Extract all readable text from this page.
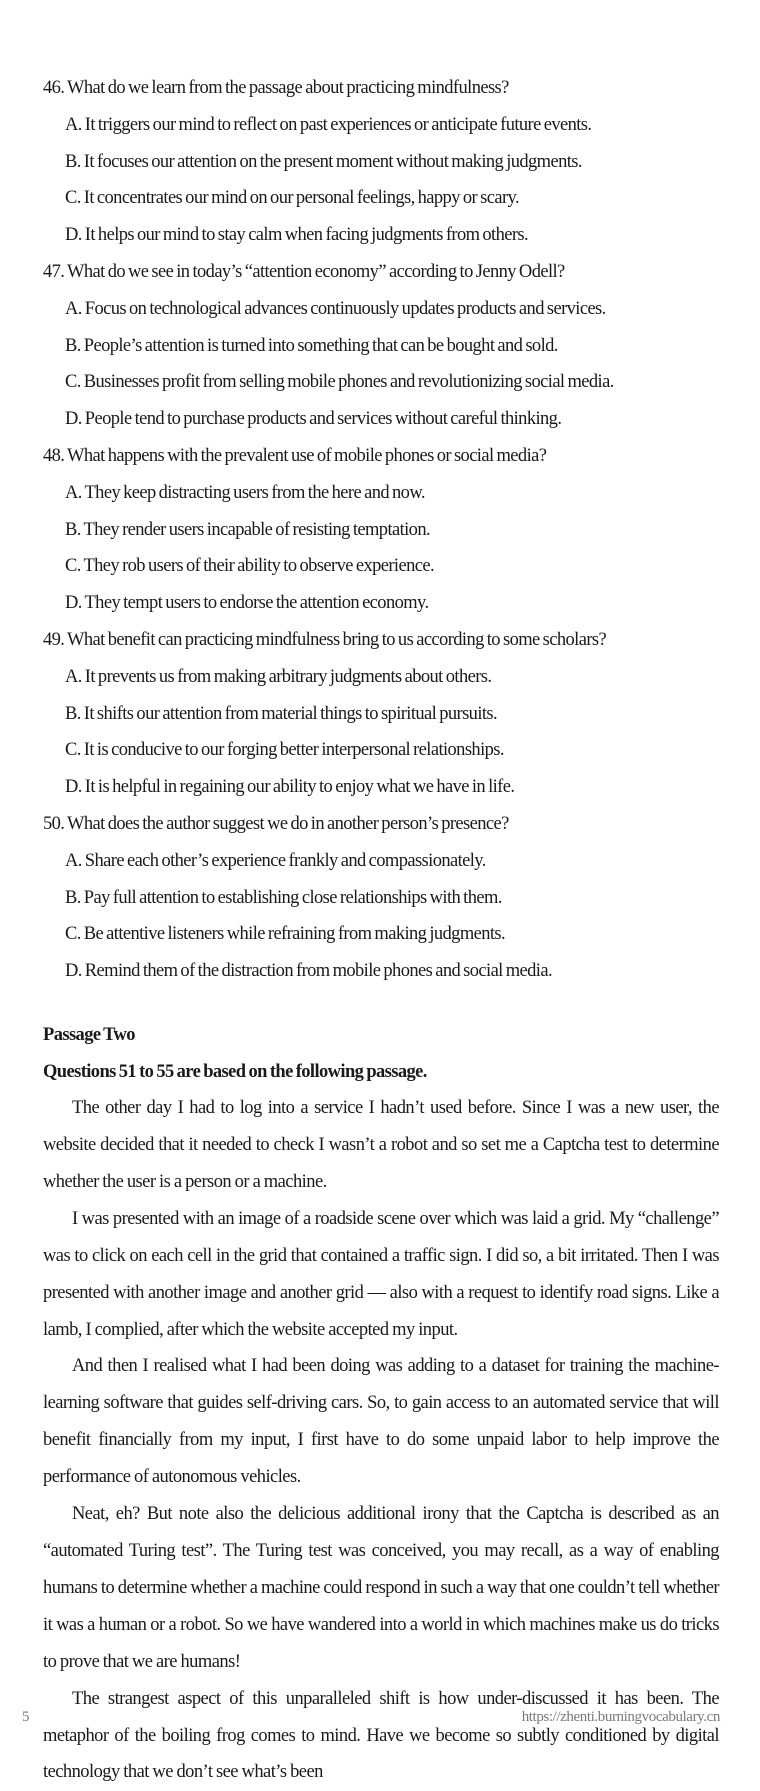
46. What do we learn from the passage about practicing mindfulness?
A. It triggers our mind to reflect on past experiences or anticipate future events.
B. It focuses our attention on the present moment without making judgments.
C. It concentrates our mind on our personal feelings, happy or scary.
D. It helps our mind to stay calm when facing judgments from others.
47. What do we see in today’s “attention economy” according to Jenny Odell?
A. Focus on technological advances continuously updates products and services.
B. People’s attention is turned into something that can be bought and sold.
C. Businesses profit from selling mobile phones and revolutionizing social media.
D. People tend to purchase products and services without careful thinking.
48. What happens with the prevalent use of mobile phones or social media?
A. They keep distracting users from the here and now.
B. They render users incapable of resisting temptation.
C. They rob users of their ability to observe experience.
D. They tempt users to endorse the attention economy.
49. What benefit can practicing mindfulness bring to us according to some scholars?
A. It prevents us from making arbitrary judgments about others.
B. It shifts our attention from material things to spiritual pursuits.
C. It is conducive to our forging better interpersonal relationships.
D. It is helpful in regaining our ability to enjoy what we have in life.
50. What does the author suggest we do in another person’s presence?
A. Share each other’s experience frankly and compassionately.
B. Pay full attention to establishing close relationships with them.
C. Be attentive listeners while refraining from making judgments.
D. Remind them of the distraction from mobile phones and social media.
Passage Two
Questions 51 to 55 are based on the following passage.

The other day I had to log into a service I hadn’t used before. Since I was a new user, the website decided that it needed to check I wasn’t a robot and so set me a Captcha test to determine whether the user is a person or a machine.

I was presented with an image of a roadside scene over which was laid a grid. My “challenge” was to click on each cell in the grid that contained a traffic sign. I did so, a bit irritated. Then I was presented with another image and another grid — also with a request to identify road signs. Like a lamb, I complied, after which the website accepted my input.

And then I realised what I had been doing was adding to a dataset for training the machine-learning software that guides self-driving cars. So, to gain access to an automated service that will benefit financially from my input, I first have to do some unpaid labor to help improve the performance of autonomous vehicles.

Neat, eh? But note also the delicious additional irony that the Captcha is described as an “automated Turing test”. The Turing test was conceived, you may recall, as a way of enabling humans to determine whether a machine could respond in such a way that one couldn’t tell whether it was a human or a robot. So we have wandered into a world in which machines make us do tricks to prove that we are humans!

The strangest aspect of this unparalleled shift is how under-discussed it has been. The metaphor of the boiling frog comes to mind. Have we become so subtly conditioned by digital technology that we don’t see what’s been

5	https://zhenti.burningvocabulary.cn
